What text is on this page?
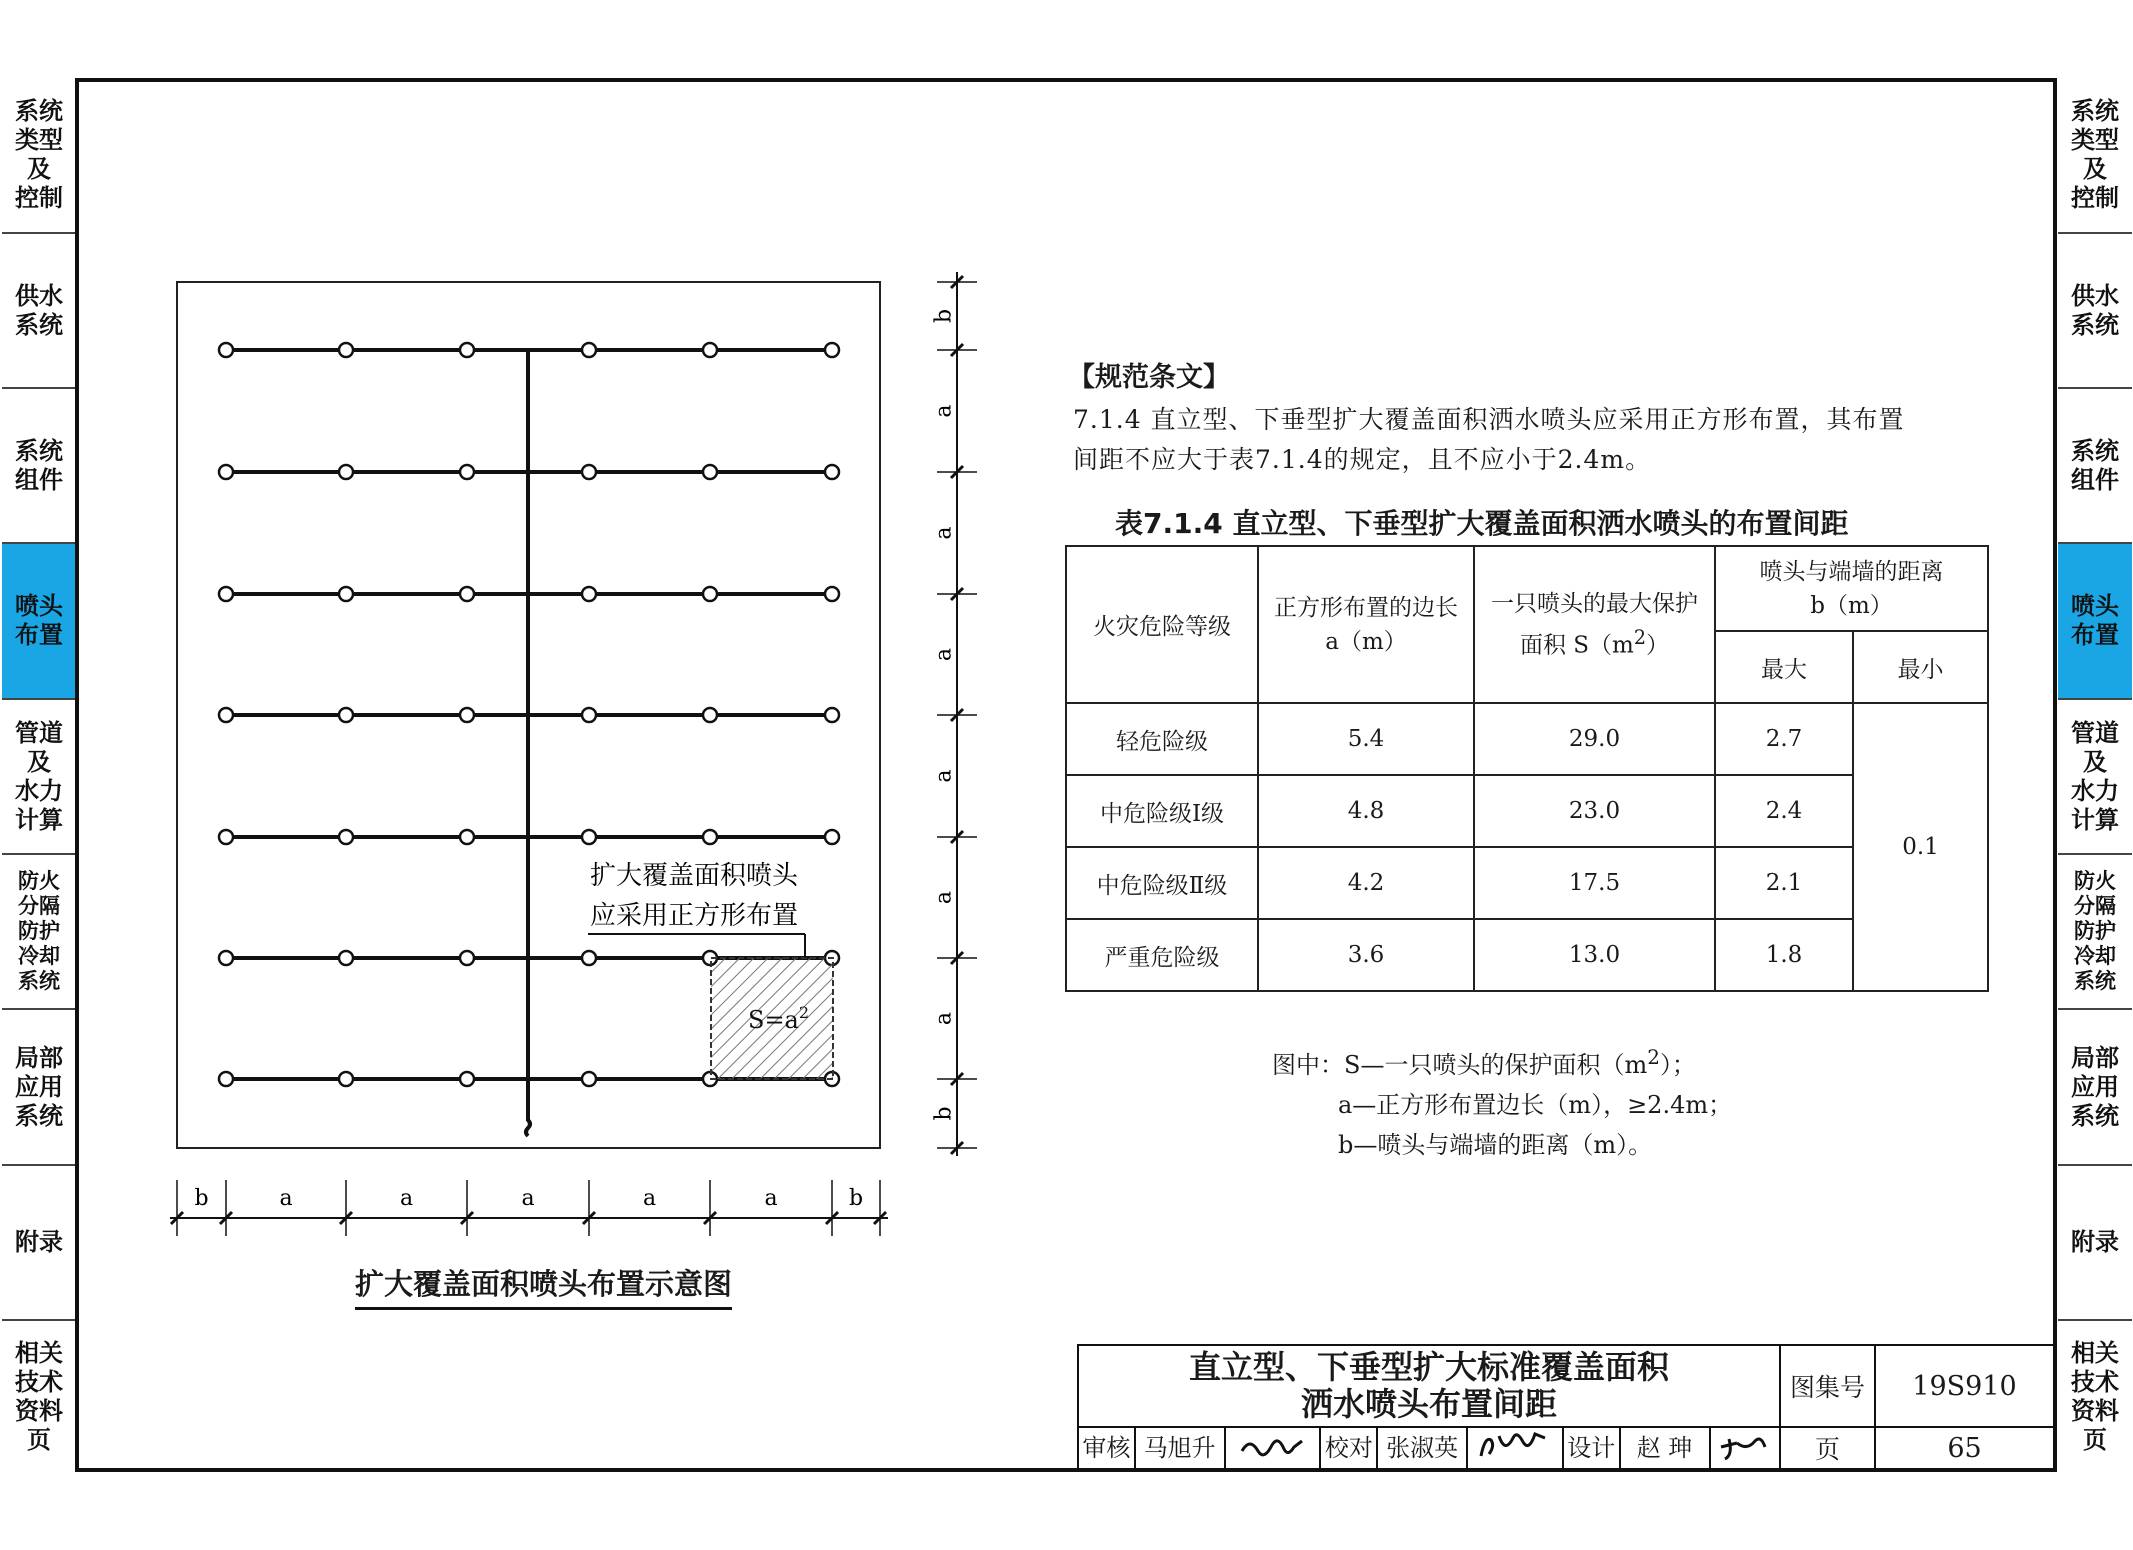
系统
类型
及
控制
供水
系统
系统
组件
喷头
布置
管道
及
水力
计算
防火
分隔
防护
冷却
系统
局部
应用
系统
附录
相关
技术
资料
页
系统
类型
及
控制
供水
系统
系统
组件
喷头
布置
管道
及
水力
计算
防火
分隔
防护
冷却
系统
局部
应用
系统
附录
相关
技术
资料
页
$S=a^2$
扩大覆盖面积喷头
应采用正方形布置
b
a
a
a
a
a
a
b
b	a	a	a	a	a	b
扩大覆盖面积喷头布置示意图
【规范条文】
7.1.4 直立型、下垂型扩大覆盖面积洒水喷头应采用正方形布置，其布置
间距不应大于表7.1.4的规定，且不应小于2.4m。
表7.1.4 直立型、下垂型扩大覆盖面积洒水喷头的布置间距
火灾危险等级	正方形布置的边长 a（m）	一只喷头的最大保护面积 $S(m^2)$	喷头与端墙的距离
b（m）	
			最大	最小
轻危险级	5.4	29.0	2.7	0.1
中危险级Ⅰ级	4.8	23.0	2.4	
中危险级Ⅱ级	4.2	17.5	2.1	
严重危险级	3.6	13.0	1.8	
图中：S—一只喷头的保护面积$(m^2)$；
a—正方形布置边长（m），≥2.4m；
b—喷头与端墙的距离（m）。
直立型、下垂型扩大标准覆盖面积
洒水喷头布置间距	图集号	19S910
审核 马旭升	校对 张淑英	设计 赵 珅	页	65
